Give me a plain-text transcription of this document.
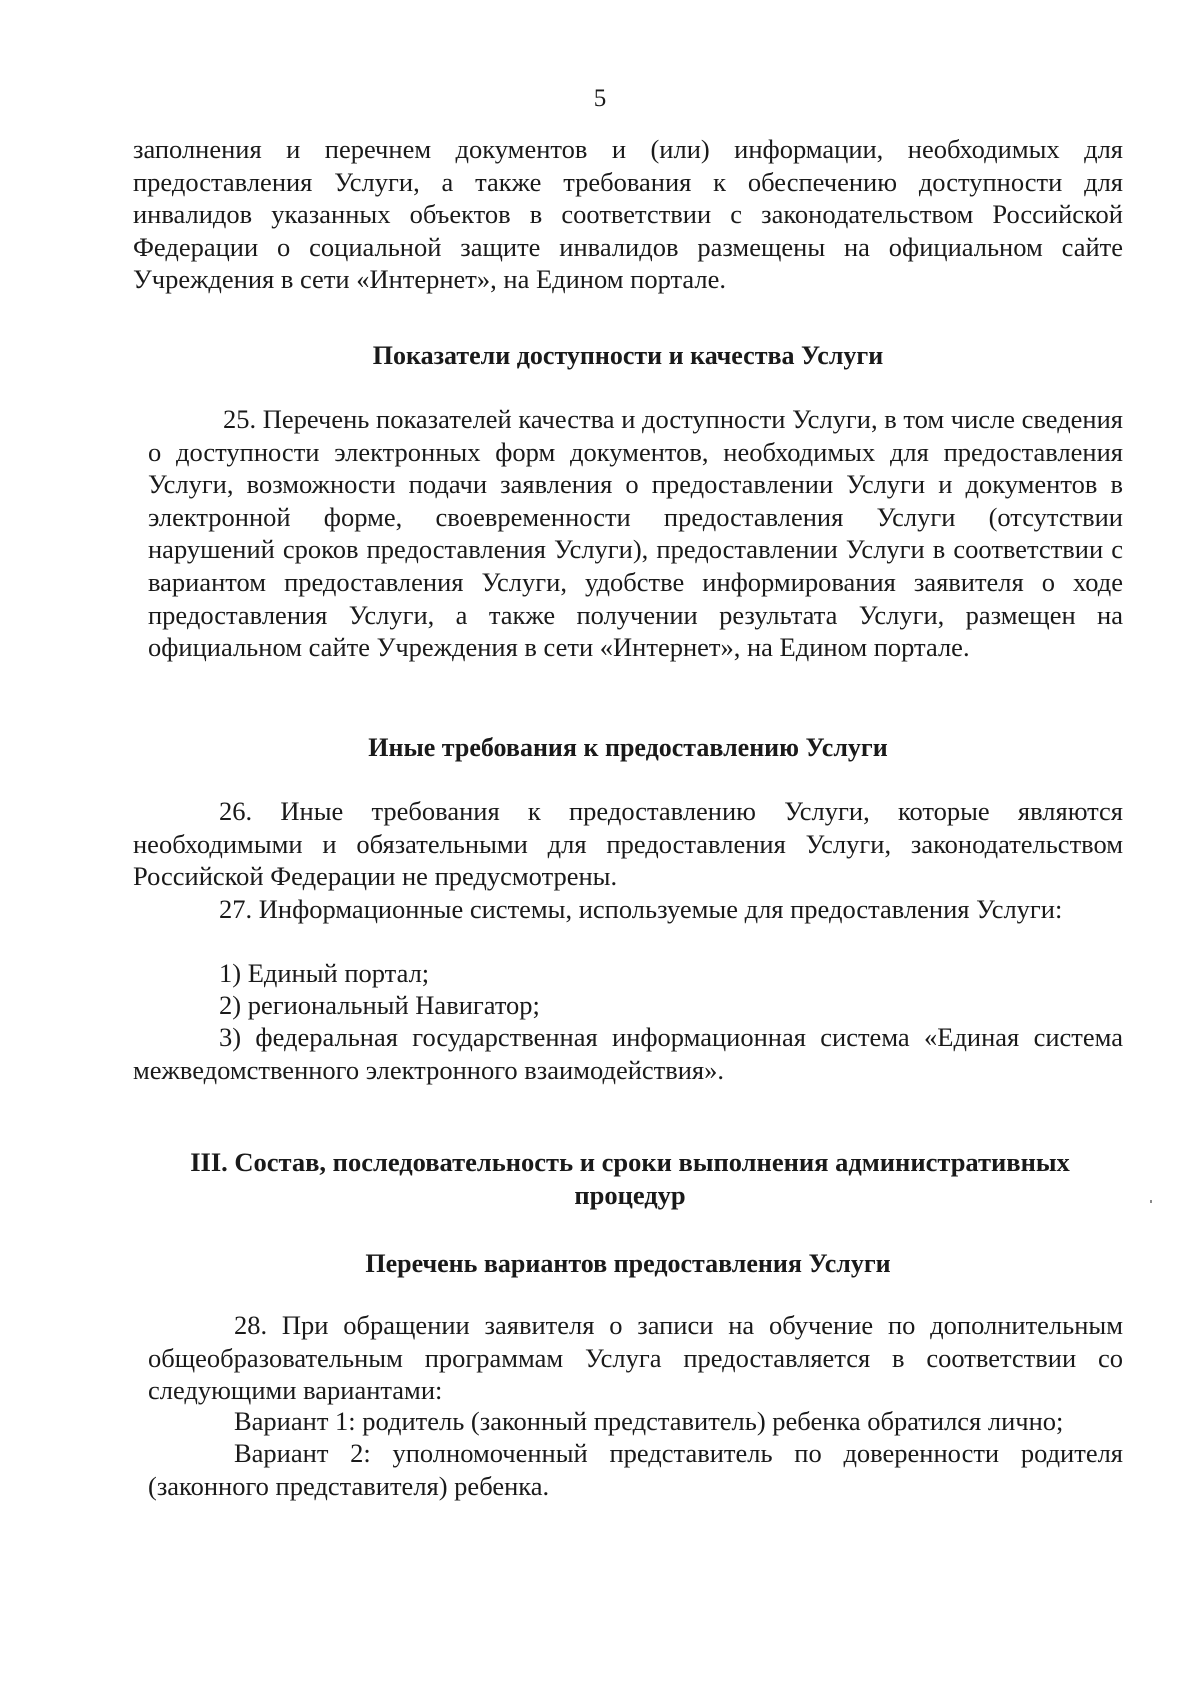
5

заполнения и перечнем документов и (или) информации, необходимых для предоставления Услуги, а также требования к обеспечению доступности для инвалидов указанных объектов в соответствии с законодательством Российской Федерации о социальной защите инвалидов размещены на официальном сайте Учреждения в сети «Интернет», на Едином портале.

Показатели доступности и качества Услуги

25. Перечень показателей качества и доступности Услуги, в том числе сведения о доступности электронных форм документов, необходимых для предоставления Услуги, возможности подачи заявления о предоставлении Услуги и документов в электронной форме, своевременности предоставления Услуги (отсутствии нарушений сроков предоставления Услуги), предоставлении Услуги в соответствии с вариантом предоставления Услуги, удобстве информирования заявителя о ходе предоставления Услуги, а также получении результата Услуги, размещен на официальном сайте Учреждения в сети «Интернет», на Едином портале.

Иные требования к предоставлению Услуги

26. Иные требования к предоставлению Услуги, которые являются необходимыми и обязательными для предоставления Услуги, законодательством Российской Федерации не предусмотрены.

27. Информационные системы, используемые для предоставления Услуги:

1) Единый портал;

2) региональный Навигатор;

3) федеральная государственная информационная система «Единая система межведомственного электронного взаимодействия».

III. Состав, последовательность и сроки выполнения административных процедур
Перечень вариантов предоставления Услуги

28. При обращении заявителя о записи на обучение по дополнительным общеобразовательным программам Услуга предоставляется в соответствии со следующими вариантами:

Вариант 1: родитель (законный представитель) ребенка обратился лично;

Вариант 2: уполномоченный представитель по доверенности родителя (законного представителя) ребенка.
